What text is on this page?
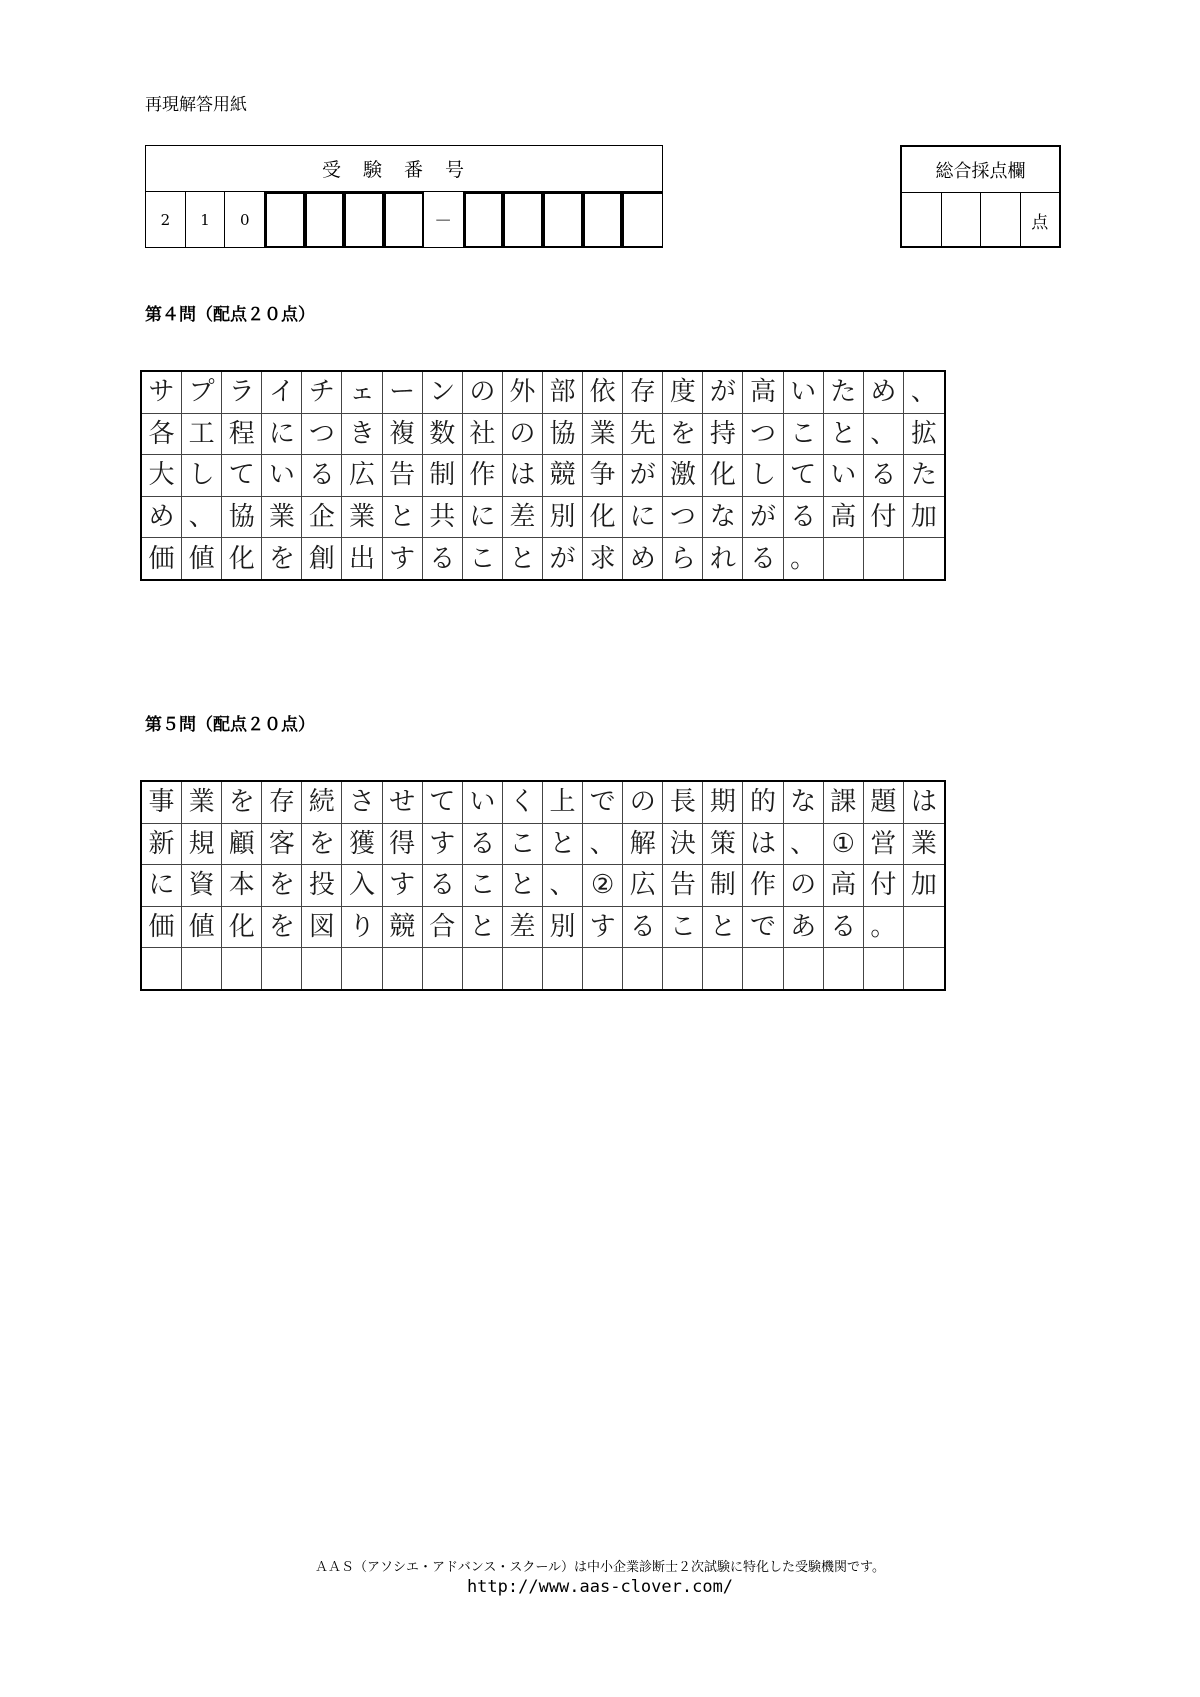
再現解答用紙
受験番号
2	1	0	－
総合採点欄
点
第４問（配点２０点）
サ プ ラ イ チ ェ ー ン の 外 部 依 存 度 が 高 い た め 、
各 工 程 に つ き 複 数 社 の 協 業 先 を 持 つ こ と 、 拡
大 し て い る 広 告 制 作 は 競 争 が 激 化 し て い る た
め 、 協 業 企 業 と 共 に 差 別 化 に つ な が る 高 付 加
価 値 化 を 創 出 す る こ と が 求 め ら れ る 。
第５問（配点２０点）
事 業 を 存 続 さ せ て い く 上 で の 長 期 的 な 課 題 は
新 規 顧 客 を 獲 得 す る こ と 、 解 決 策 は 、 ① 営 業
に 資 本 を 投 入 す る こ と 、 ② 広 告 制 作 の 高 付 加
価 値 化 を 図 り 競 合 と 差 別 す る こ と で あ る 。
ＡＡＳ（アソシエ・アドバンス・スクール）は中小企業診断士２次試験に特化した受験機関です。
http://www.aas-clover.com/
